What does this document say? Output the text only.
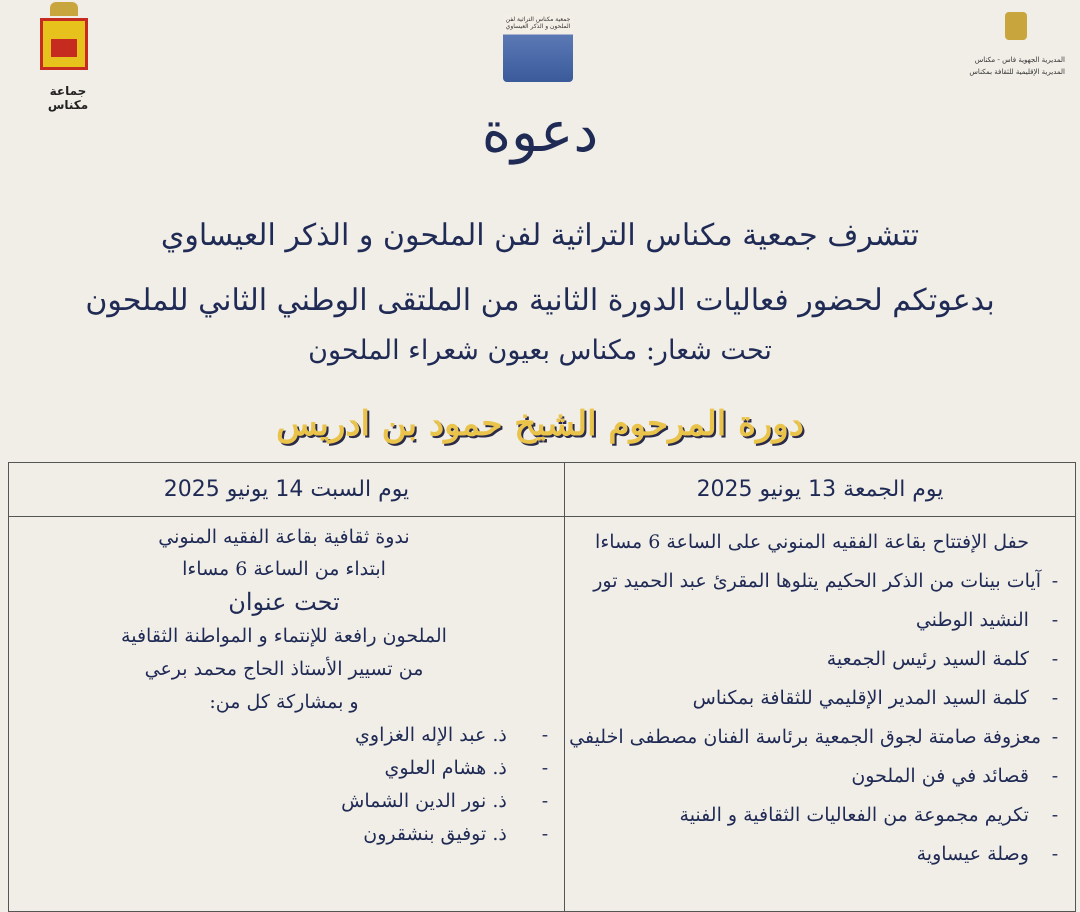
جماعة مكناس
جمعية مكناس التراثية لفن الملحون و الذكر العيساوي
المديرية الجهوية فاس - مكناس
المديرية الإقليمية للثقافة بمكناس
دعوة
تتشرف جمعية مكناس التراثية لفن الملحون و الذكر العيساوي
بدعوتكم لحضور فعاليات الدورة الثانية من الملتقى الوطني الثاني للملحون
تحت شعار: مكناس بعيون شعراء الملحون
دورة المرحوم الشيخ حمود بن ادريس
يوم الجمعة 13 يونيو 2025
يوم السبت 14 يونيو 2025
حفل الإفتتاح بقاعة الفقيه المنوني على الساعة 6 مساءا
-آيات بينات من الذكر الحكيم يتلوها المقرئ عبد الحميد تور
-  النشيد الوطني
-  كلمة السيد رئيس الجمعية
-  كلمة السيد المدير الإقليمي للثقافة بمكناس
-معزوفة صامتة لجوق الجمعية برئاسة الفنان مصطفى اخليفي
-  قصائد في فن الملحون
-  تكريم مجموعة من الفعاليات الثقافية و الفنية
-  وصلة عيساوية
ندوة ثقافية بقاعة الفقيه المنوني
ابتداء من الساعة 6 مساءا
تحت عنوان
الملحون رافعة للإنتماء و المواطنة الثقافية
من تسيير الأستاذ الحاج محمد برعي
و بمشاركة كل من:
-    ذ. عبد الإله الغزاوي
-    ذ. هشام العلوي
-    ذ. نور الدين الشماش
-    ذ. توفيق بنشقرون
